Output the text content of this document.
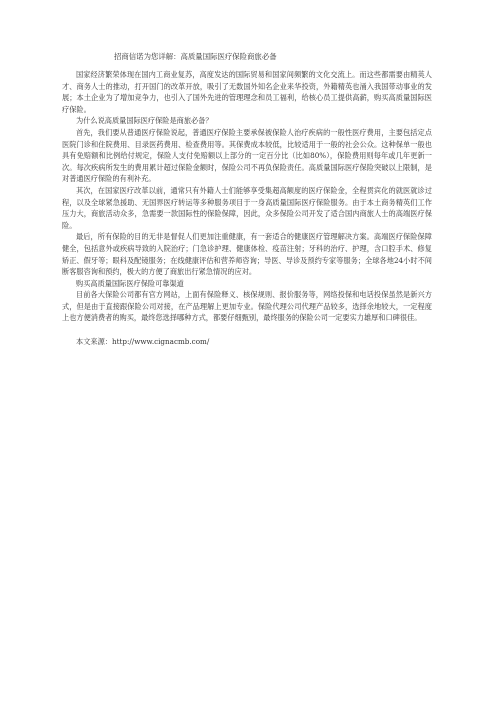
招商信诺为您详解：高质量国际医疗保险商旅必备

国家经济繁荣体现在国内工商业复苏，高度发达的国际贸易和国家间频繁的文化交流上。而这些都需要由精英人才、商务人士的推动，打开国门的改革开放，吸引了无数国外知名企业来华投资，外籍精英也涌入我国带动事业的发展；本土企业为了增加竞争力，也引入了国外先进的管理理念和员工福利，给核心员工提供高薪，购买高质量国际医疗保险。

为什么说高质量国际医疗保险是商旅必备？

首先，我们要从普通医疗保险说起，普通医疗保险主要承保被保险人治疗疾病的一般性医疗费用，主要包括定点医院门诊和住院费用、目录医药费用、检查费用等。其保费成本较低，比较适用于一般的社会公众。这种保单一般也具有免赔额和比例给付规定，保险人支付免赔额以上部分的一定百分比（比如80%），保险费用则每年或几年更新一次。每次疾病所发生的费用累计超过保险金额时，保险公司不再负保险责任。高质量国际医疗保险突破以上限制，是对普通医疗保险的有利补充。

其次，在国家医疗改革以前，通常只有外籍人士们能够享受集超高额度的医疗保险金，全程贯宾化的就医就诊过程，以及全球紧急援助、无国界医疗转运等多种服务项目于一身高质量国际医疗保险服务。由于本土商务精英们工作压力大，商旅活动众多，急需要一款国际性的保险保障，因此，众多保险公司开发了适合国内商旅人士的高端医疗保险。

最后，所有保险的目的无非是督促人们更加注重健康，有一套适合的健康医疗管理解决方案。高端医疗保险保障健全，包括意外或疾病导致的入院治疗；门急诊护理、健康体检、疫苗注射；牙科的治疗、护理，含口腔手术、修复矫正、假牙等；眼科及配镜服务；在线健康评估和营养师咨询；导医、导诊及预约专家等服务；全球各地24小时不间断客服咨询和预约，极大的方便了商旅出行紧急情况的应对。

购买高质量国际医疗保险可靠渠道

目前各大保险公司都有官方网站，上面有保险释义、核保规则、报价服务等，网络投保和电话投保虽然是新兴方式，但是由于直接跟保险公司对接，在产品理解上更加专业。保险代理公司代理产品较多，选择余地较大，一定程度上也方便消费者的购买，最终您选择哪种方式，都要仔细甄别，最终服务的保险公司一定要实力雄厚和口碑很佳。

本文来源：http://www.cignacmb.com/
